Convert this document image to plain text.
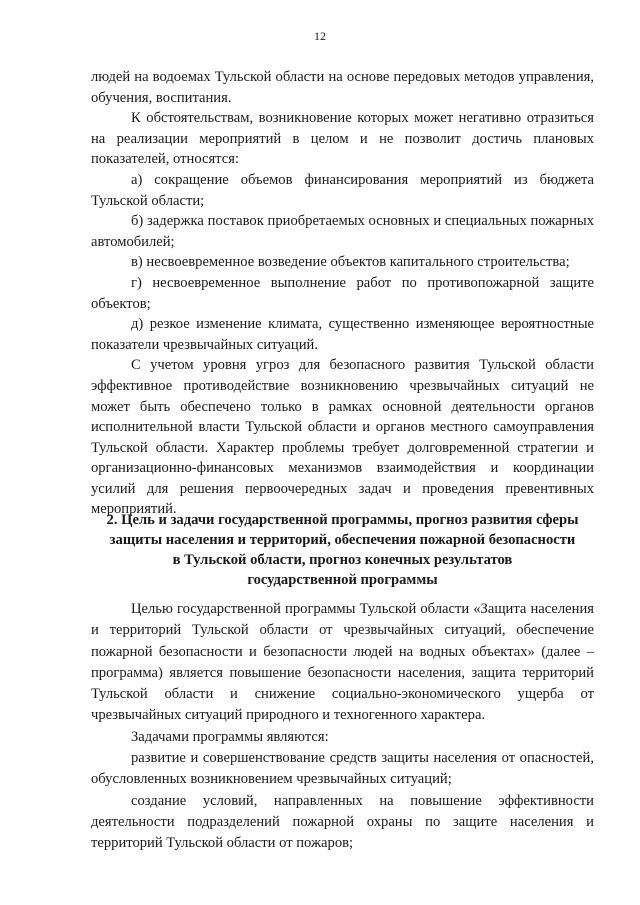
12

людей на водоемах Тульской области на основе передовых методов управления, обучения, воспитания.

К обстоятельствам, возникновение которых может негативно отразиться на реализации мероприятий в целом и не позволит достичь плановых показателей, относятся:

а) сокращение объемов финансирования мероприятий из бюджета Тульской области;

б) задержка поставок приобретаемых основных и специальных пожарных автомобилей;

в) несвоевременное возведение объектов капитального строительства;

г) несвоевременное выполнение работ по противопожарной защите объектов;

д) резкое изменение климата, существенно изменяющее вероятностные показатели чрезвычайных ситуаций.

С учетом уровня угроз для безопасного развития Тульской области эффективное противодействие возникновению чрезвычайных ситуаций не может быть обеспечено только в рамках основной деятельности органов исполнительной власти Тульской области и органов местного самоуправления Тульской области. Характер проблемы требует долговременной стратегии и организационно-финансовых механизмов взаимодействия и координации усилий для решения первоочередных задач и проведения превентивных мероприятий.

2. Цель и задачи государственной программы, прогноз развития сферы
защиты населения и территорий, обеспечения пожарной безопасности
в Тульской области, прогноз конечных результатов
государственной программы

Целью государственной программы Тульской области «Защита населения и территорий Тульской области от чрезвычайных ситуаций, обеспечение пожарной безопасности и безопасности людей на водных объектах» (далее – программа) является повышение безопасности населения, защита территорий Тульской области и снижение социально-экономического ущерба от чрезвычайных ситуаций природного и техногенного характера.

Задачами программы являются:

развитие и совершенствование средств защиты населения от опасностей, обусловленных возникновением чрезвычайных ситуаций;

создание условий, направленных на повышение эффективности деятельности подразделений пожарной охраны по защите населения и территорий Тульской области от пожаров;
